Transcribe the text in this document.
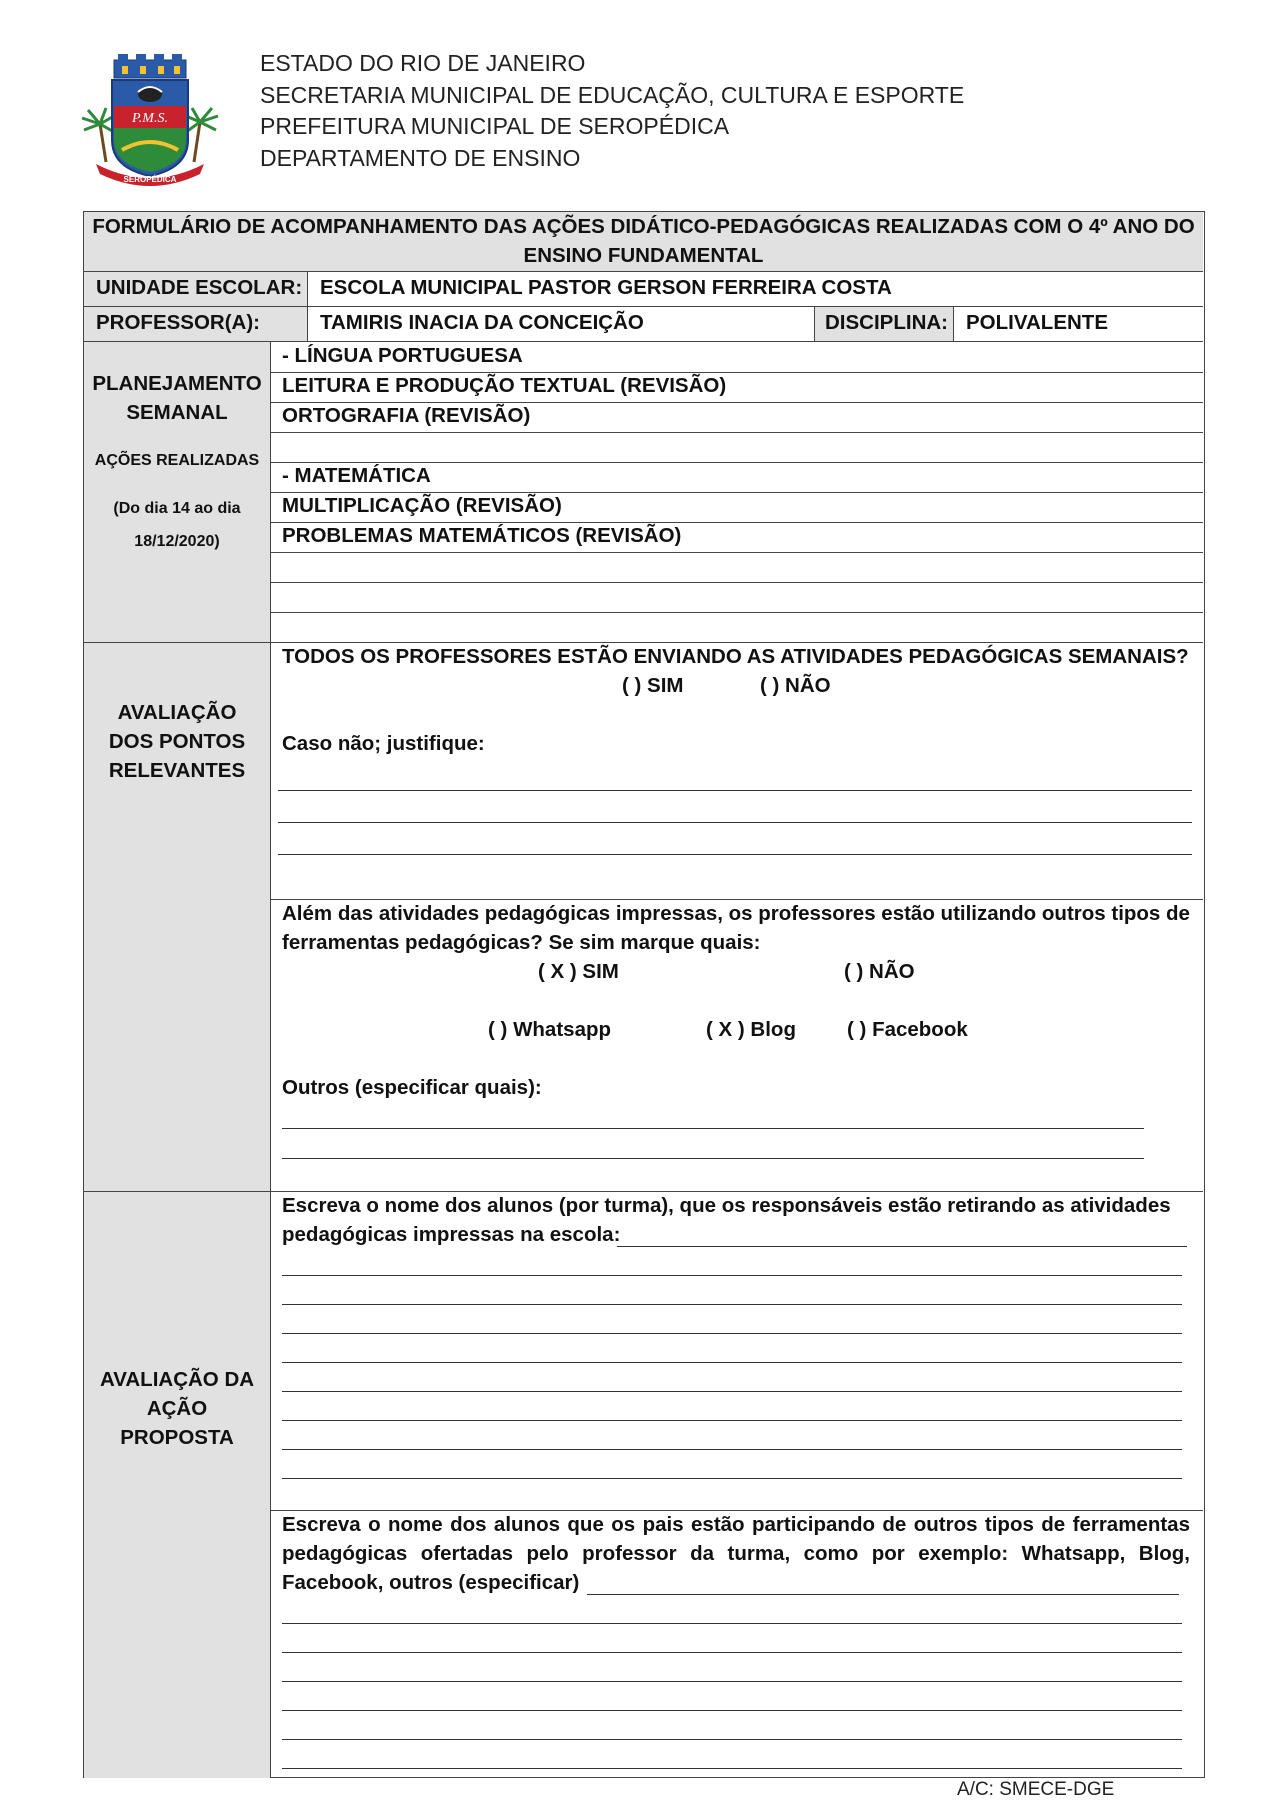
P.M.S.
SEROPÉDICA
ESTADO DO RIO DE JANEIRO
SECRETARIA MUNICIPAL DE EDUCAÇÃO, CULTURA E ESPORTE
PREFEITURA MUNICIPAL DE SEROPÉDICA
DEPARTAMENTO DE ENSINO
FORMULÁRIO DE ACOMPANHAMENTO DAS AÇÕES DIDÁTICO-PEDAGÓGICAS REALIZADAS COM O 4º ANO DO
ENSINO FUNDAMENTAL
UNIDADE ESCOLAR: ESCOLA MUNICIPAL PASTOR GERSON FERREIRA COSTA
PROFESSOR(A):	TAMIRIS INACIA DA CONCEIÇÃO	DISCIPLINA: POLIVALENTE
PLANEJAMENTO
SEMANAL
AÇÕES REALIZADAS
(Do dia 14 ao dia
18/12/2020)
- LÍNGUA PORTUGUESA
LEITURA E PRODUÇÃO TEXTUAL (REVISÃO)
ORTOGRAFIA (REVISÃO)
- MATEMÁTICA
MULTIPLICAÇÃO (REVISÃO)
PROBLEMAS MATEMÁTICOS (REVISÃO)
AVALIAÇÃO
DOS PONTOS
RELEVANTES
TODOS OS PROFESSORES ESTÃO ENVIANDO AS ATIVIDADES PEDAGÓGICAS SEMANAIS?
( ) SIM	( ) NÃO
Caso não; justifique:
Além das atividades pedagógicas impressas, os professores estão utilizando outros tipos de
ferramentas pedagógicas? Se sim marque quais:
( X ) SIM	( ) NÃO
( ) Whatsapp	( X ) Blog ( ) Facebook
Outros (especificar quais):
AVALIAÇÃO DA
AÇÃO
PROPOSTA
Escreva o nome dos alunos (por turma), que os responsáveis estão retirando as atividades
pedagógicas impressas na escola:
Escreva o nome dos alunos que os pais estão participando de outros tipos de ferramentas
pedagógicas ofertadas pelo professor da turma, como por exemplo: Whatsapp, Blog,
Facebook, outros (especificar)
A/C: SMECE-DGE
